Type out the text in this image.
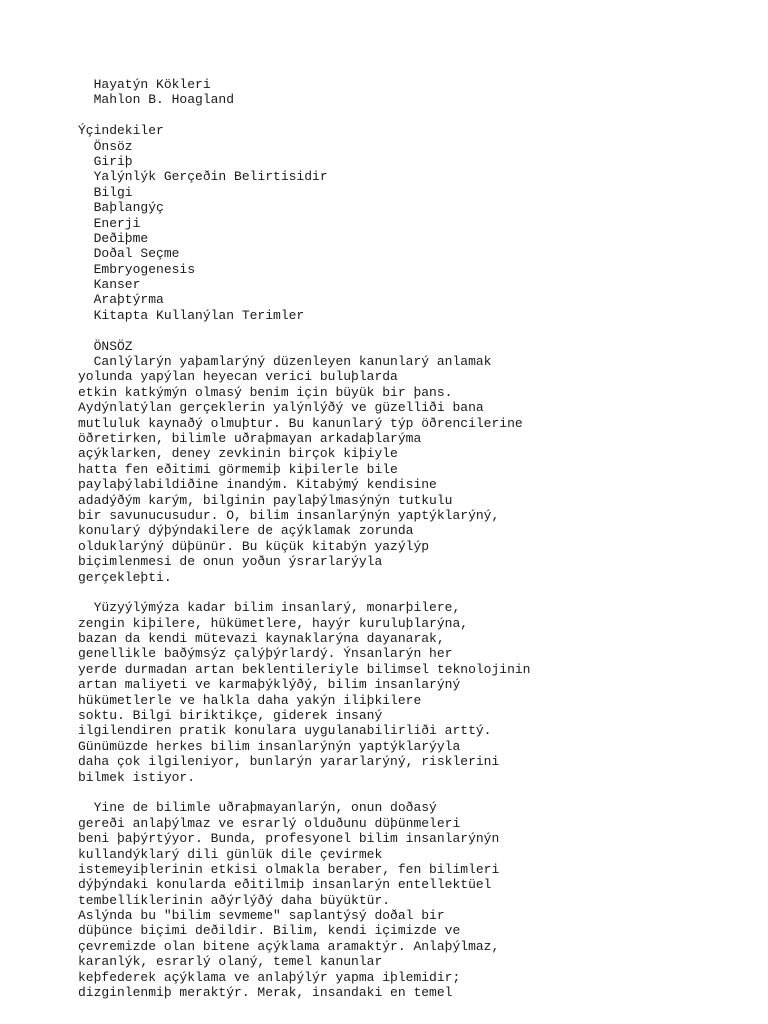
Hayatýn Kökleri
Mahlon B. Hoagland
Ýçindekiler
Önsöz
Giriþ
Yalýnlýk Gerçeðin Belirtisidir
Bilgi
Baþlangýç
Enerji
Deðiþme
Doðal Seçme
Embryogenesis
Kanser
Araþtýrma
Kitapta Kullanýlan Terimler
ÖNSÖZ
Canlýlarýn yaþamlarýný düzenleyen kanunlarý anlamak
yolunda yapýlan heyecan verici buluþlarda
etkin katkýmýn olmasý benim için büyük bir þans.
Aydýnlatýlan gerçeklerin yalýnlýðý ve güzelliði bana
mutluluk kaynaðý olmuþtur. Bu kanunlarý týp öðrencilerine
öðretirken, bilimle uðraþmayan arkadaþlarýma
açýklarken, deney zevkinin birçok kiþiyle
hatta fen eðitimi görmemiþ kiþilerle bile
paylaþýlabildiðine inandým. Kitabýmý kendisine
adadýðým karým, bilginin paylaþýlmasýnýn tutkulu
bir savunucusudur. O, bilim insanlarýnýn yaptýklarýný,
konularý dýþýndakilere de açýklamak zorunda
olduklarýný düþünür. Bu küçük kitabýn yazýlýp
biçimlenmesi de onun yoðun ýsrarlarýyla
gerçekleþti.
Yüzyýlýmýza kadar bilim insanlarý, monarþilere,
zengin kiþilere, hükümetlere, hayýr kuruluþlarýna,
bazan da kendi mütevazi kaynaklarýna dayanarak,
genellikle baðýmsýz çalýþýrlardý. Ýnsanlarýn her
yerde durmadan artan beklentileriyle bilimsel teknolojinin
artan maliyeti ve karmaþýklýðý, bilim insanlarýný
hükümetlerle ve halkla daha yakýn iliþkilere
soktu. Bilgi biriktikçe, giderek insaný
ilgilendiren pratik konulara uygulanabilirliði arttý.
Günümüzde herkes bilim insanlarýnýn yaptýklarýyla
daha çok ilgileniyor, bunlarýn yararlarýný, risklerini
bilmek istiyor.
Yine de bilimle uðraþmayanlarýn, onun doðasý
gereði anlaþýlmaz ve esrarlý olduðunu düþünmeleri
beni þaþýrtýyor. Bunda, profesyonel bilim insanlarýnýn
kullandýklarý dili günlük dile çevirmek
istemeyiþlerinin etkisi olmakla beraber, fen bilimleri
dýþýndaki konularda eðitilmiþ insanlarýn entellektüel
tembelliklerinin aðýrlýðý daha büyüktür.
Aslýnda bu "bilim sevmeme" saplantýsý doðal bir
düþünce biçimi deðildir. Bilim, kendi içimizde ve
çevremizde olan bitene açýklama aramaktýr. Anlaþýlmaz,
karanlýk, esrarlý olaný, temel kanunlar
keþfederek açýklama ve anlaþýlýr yapma iþlemidir;
dizginlenmiþ meraktýr. Merak, insandaki en temel
